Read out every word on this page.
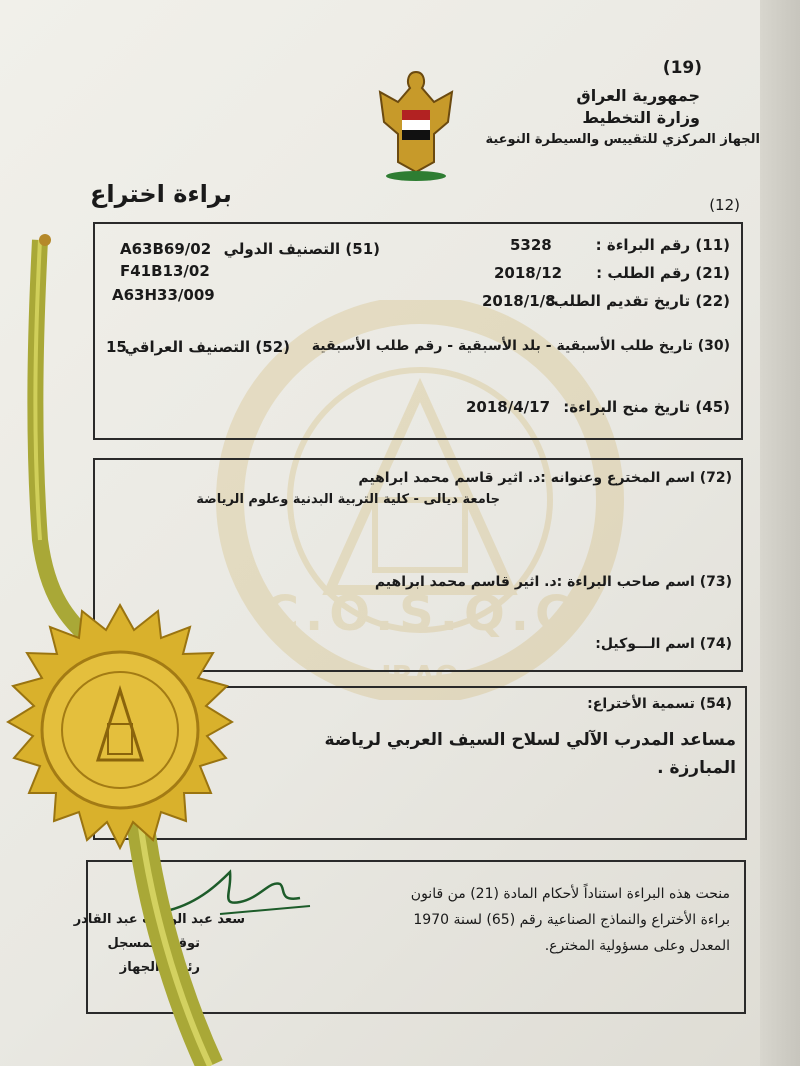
C.O.S.Q.C
IRAQ
(19)
جمهورية العراق
وزارة التخطيط
الجهاز المركزي للتقييس والسيطرة النوعية
براءة اختراع	(12)
(11) رقم البراءة :
5328
(21) رقم الطلب :
2018/12
(22) تاريخ تقديم الطلب:
2018/1/8
(30) تاريخ طلب الأسبقية - بلد الأسبقية - رقم طلب الأسبقية
(45) تاريخ منح البراءة:
2018/4/17
(51) التصنيف الدولي
A63B69/02
F41B13/02
A63H33/009
(52) التصنيف العراقي
15
(72) اسم المخترع وعنوانه :د. اثير قاسم محمد ابراهيم
جامعة ديالى - كلية التربية البدنية وعلوم الرياضة
(73) اسم صاحب البراءة :د. اثير قاسم محمد ابراهيم
(74) اسم الـــوكيل:
(54) تسمية الأختراع:
مساعد المدرب الآلي لسلاح السيف العربي لرياضة
المبارزة .
منحت هذه البراءة استناداً لأحكام المادة (21) من قانون
براءة الأختراع والنماذج الصناعية رقم (65) لسنة 1970
المعدل وعلى مسؤولية المخترع.
سعد عبد الوهاب عبد القادر
توقيع المسجل
رئيس الجهاز
